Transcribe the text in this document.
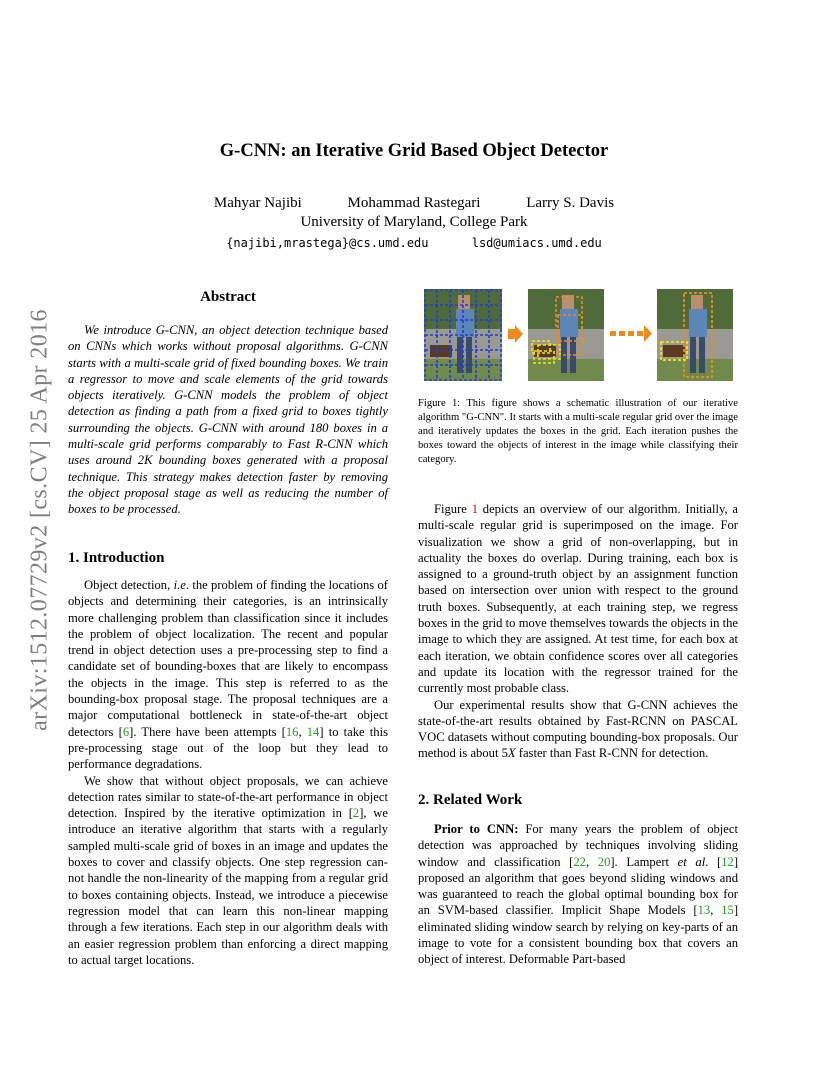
G-CNN: an Iterative Grid Based Object Detector
Mahyar Najibi	Mohammad Rastegari	Larry S. Davis
University of Maryland, College Park
{najibi,mrastega}@cs.umd.edu	lsd@umiacs.umd.edu
arXiv:1512.07729v2 [cs.CV] 25 Apr 2016
Abstract

We introduce G-CNN, an object detection technique based on CNNs which works without proposal algorithms. G-CNN starts with a multi-scale grid of fixed bounding boxes. We train a regressor to move and scale elements of the grid towards objects iteratively. G-CNN models the problem of object detection as finding a path from a fixed grid to boxes tightly surrounding the objects. G-CNN with around 180 boxes in a multi-scale grid performs comparably to Fast R-CNN which uses around 2K bounding boxes generated with a proposal technique. This strategy makes detection faster by removing the object proposal stage as well as reducing the number of boxes to be processed.

1. Introduction

Object detection, i.e. the problem of finding the locations of objects and determining their categories, is an intrinsically more challenging problem than classification since it includes the problem of object localization. The recent and popular trend in object detection uses a pre-processing step to find a candidate set of bounding-boxes that are likely to encompass the objects in the image. This step is referred to as the bounding-box proposal stage. The proposal techniques are a major computational bottleneck in state-of-the-art object detectors [6]. There have been attempts [16, 14] to take this pre-processing stage out of the loop but they lead to performance degradations.

We show that without object proposals, we can achieve detection rates similar to state-of-the-art performance in object detection. Inspired by the iterative optimization in [2], we introduce an iterative algorithm that starts with a regularly sampled multi-scale grid of boxes in an image and updates the boxes to cover and classify objects. One step regression can-not handle the non-linearity of the mapping from a regular grid to boxes containing objects. Instead, we introduce a piecewise regression model that can learn this non-linear mapping through a few iterations. Each step in our algorithm deals with an easier regression problem than enforcing a direct mapping to actual target locations.

Figure 1: This figure shows a schematic illustration of our iterative algorithm "G-CNN". It starts with a multi-scale regular grid over the image and iteratively updates the boxes in the grid. Each iteration pushes the boxes toward the objects of interest in the image while classifying their category.

Figure 1 depicts an overview of our algorithm. Initially, a multi-scale regular grid is superimposed on the image. For visualization we show a grid of non-overlapping, but in actuality the boxes do overlap. During training, each box is assigned to a ground-truth object by an assignment function based on intersection over union with respect to the ground truth boxes. Subsequently, at each training step, we regress boxes in the grid to move themselves towards the objects in the image to which they are assigned. At test time, for each box at each iteration, we obtain confidence scores over all categories and update its location with the regressor trained for the currently most probable class.

Our experimental results show that G-CNN achieves the state-of-the-art results obtained by Fast-RCNN on PASCAL VOC datasets without computing bounding-box proposals. Our method is about 5X faster than Fast R-CNN for detection.

2. Related Work

Prior to CNN: For many years the problem of object detection was approached by techniques involving sliding window and classification [22, 20]. Lampert et al. [12] proposed an algorithm that goes beyond sliding windows and was guaranteed to reach the global optimal bounding box for an SVM-based classifier. Implicit Shape Models [13, 15] eliminated sliding window search by relying on key-parts of an image to vote for a consistent bounding box that covers an object of interest. Deformable Part-based
